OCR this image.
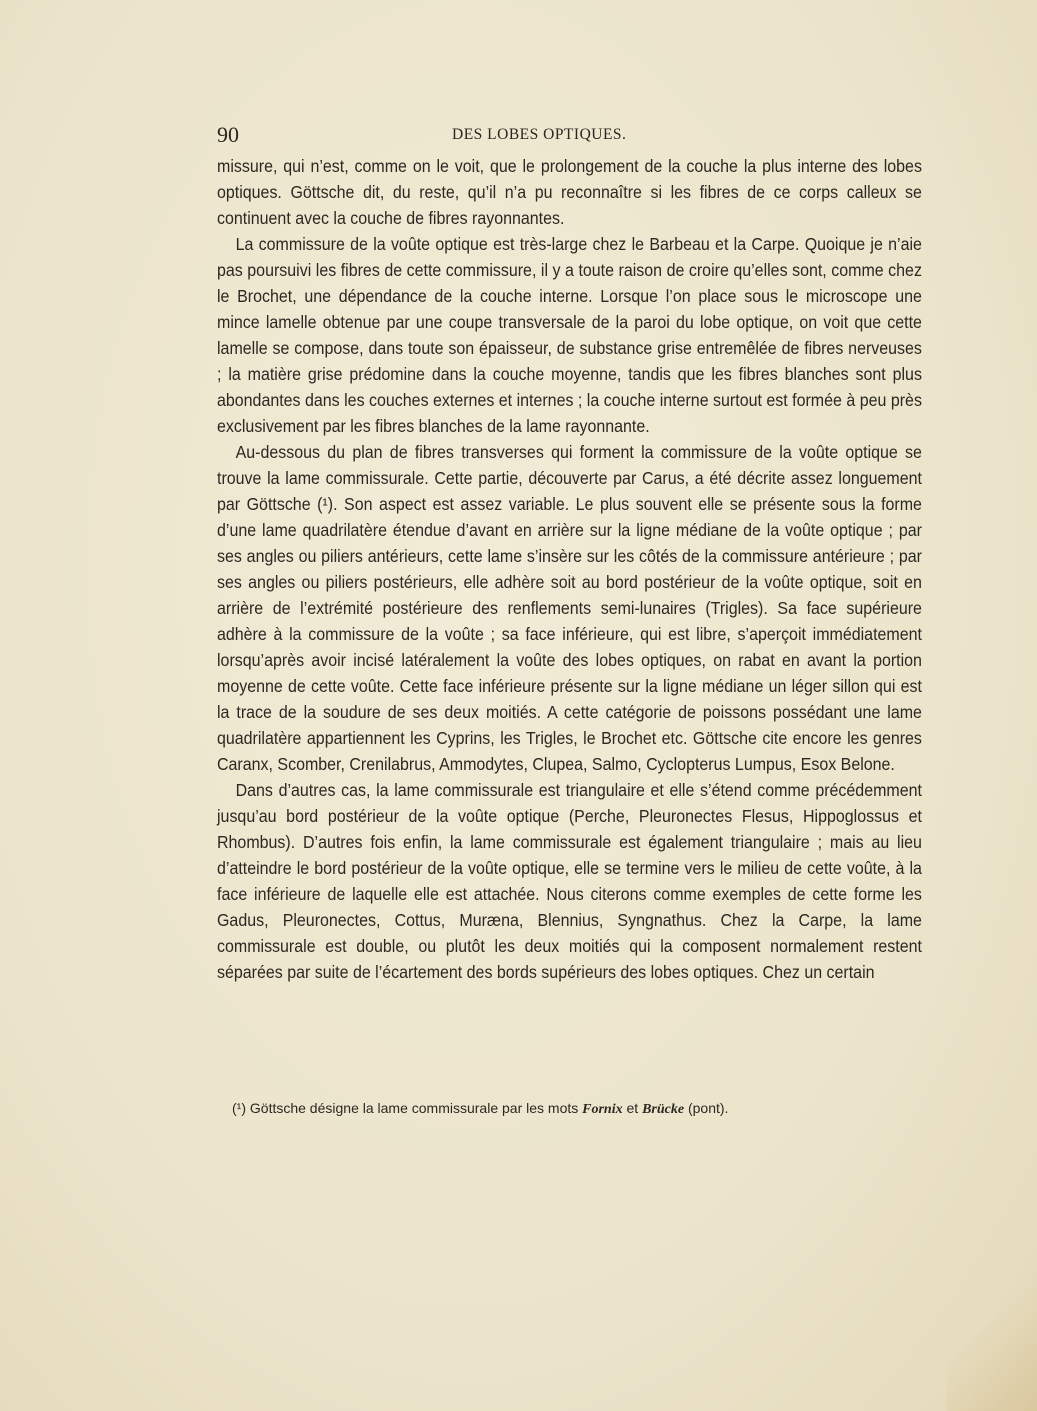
90	DES LOBES OPTIQUES.

missure, qui n’est, comme on le voit, que le prolongement de la couche la plus interne des lobes optiques. Göttsche dit, du reste, qu’il n’a pu reconnaître si les fibres de ce corps calleux se continuent avec la couche de fibres rayonnantes.

La commissure de la voûte optique est très-large chez le Barbeau et la Carpe. Quoique je n’aie pas poursuivi les fibres de cette commissure, il y a toute raison de croire qu’elles sont, comme chez le Brochet, une dépendance de la couche interne. Lorsque l’on place sous le microscope une mince lamelle obtenue par une coupe transversale de la paroi du lobe optique, on voit que cette lamelle se compose, dans toute son épaisseur, de substance grise entremêlée de fibres nerveuses ; la matière grise prédomine dans la couche moyenne, tandis que les fibres blanches sont plus abondantes dans les couches externes et internes ; la couche interne surtout est formée à peu près exclusivement par les fibres blanches de la lame rayonnante.

Au-dessous du plan de fibres transverses qui forment la commissure de la voûte optique se trouve la lame commissurale. Cette partie, découverte par Carus, a été décrite assez longuement par Göttsche (¹). Son aspect est assez variable. Le plus souvent elle se présente sous la forme d’une lame quadrilatère étendue d’avant en arrière sur la ligne médiane de la voûte optique ; par ses angles ou piliers antérieurs, cette lame s’insère sur les côtés de la commissure antérieure ; par ses angles ou piliers postérieurs, elle adhère soit au bord postérieur de la voûte optique, soit en arrière de l’extrémité postérieure des renflements semi-lunaires (Trigles). Sa face supérieure adhère à la commissure de la voûte ; sa face inférieure, qui est libre, s’aperçoit immédiatement lorsqu’après avoir incisé latéralement la voûte des lobes optiques, on rabat en avant la portion moyenne de cette voûte. Cette face inférieure présente sur la ligne médiane un léger sillon qui est la trace de la soudure de ses deux moitiés. A cette catégorie de poissons possédant une lame quadrilatère appartiennent les Cyprins, les Trigles, le Brochet etc. Göttsche cite encore les genres Caranx, Scomber, Crenilabrus, Ammodytes, Clupea, Salmo, Cyclopterus Lumpus, Esox Belone.

Dans d’autres cas, la lame commissurale est triangulaire et elle s’étend comme précédemment jusqu’au bord postérieur de la voûte optique (Perche, Pleuronectes Flesus, Hippoglossus et Rhombus). D’autres fois enfin, la lame commissurale est également triangulaire ; mais au lieu d’atteindre le bord postérieur de la voûte optique, elle se termine vers le milieu de cette voûte, à la face inférieure de laquelle elle est attachée. Nous citerons comme exemples de cette forme les Gadus, Pleuronectes, Cottus, Muræna, Blennius, Syngnathus. Chez la Carpe, la lame commissurale est double, ou plutôt les deux moitiés qui la composent normalement restent séparées par suite de l’écartement des bords supérieurs des lobes optiques. Chez un certain

(¹) Göttsche désigne la lame commissurale par les mots Fornix et Brücke (pont).
